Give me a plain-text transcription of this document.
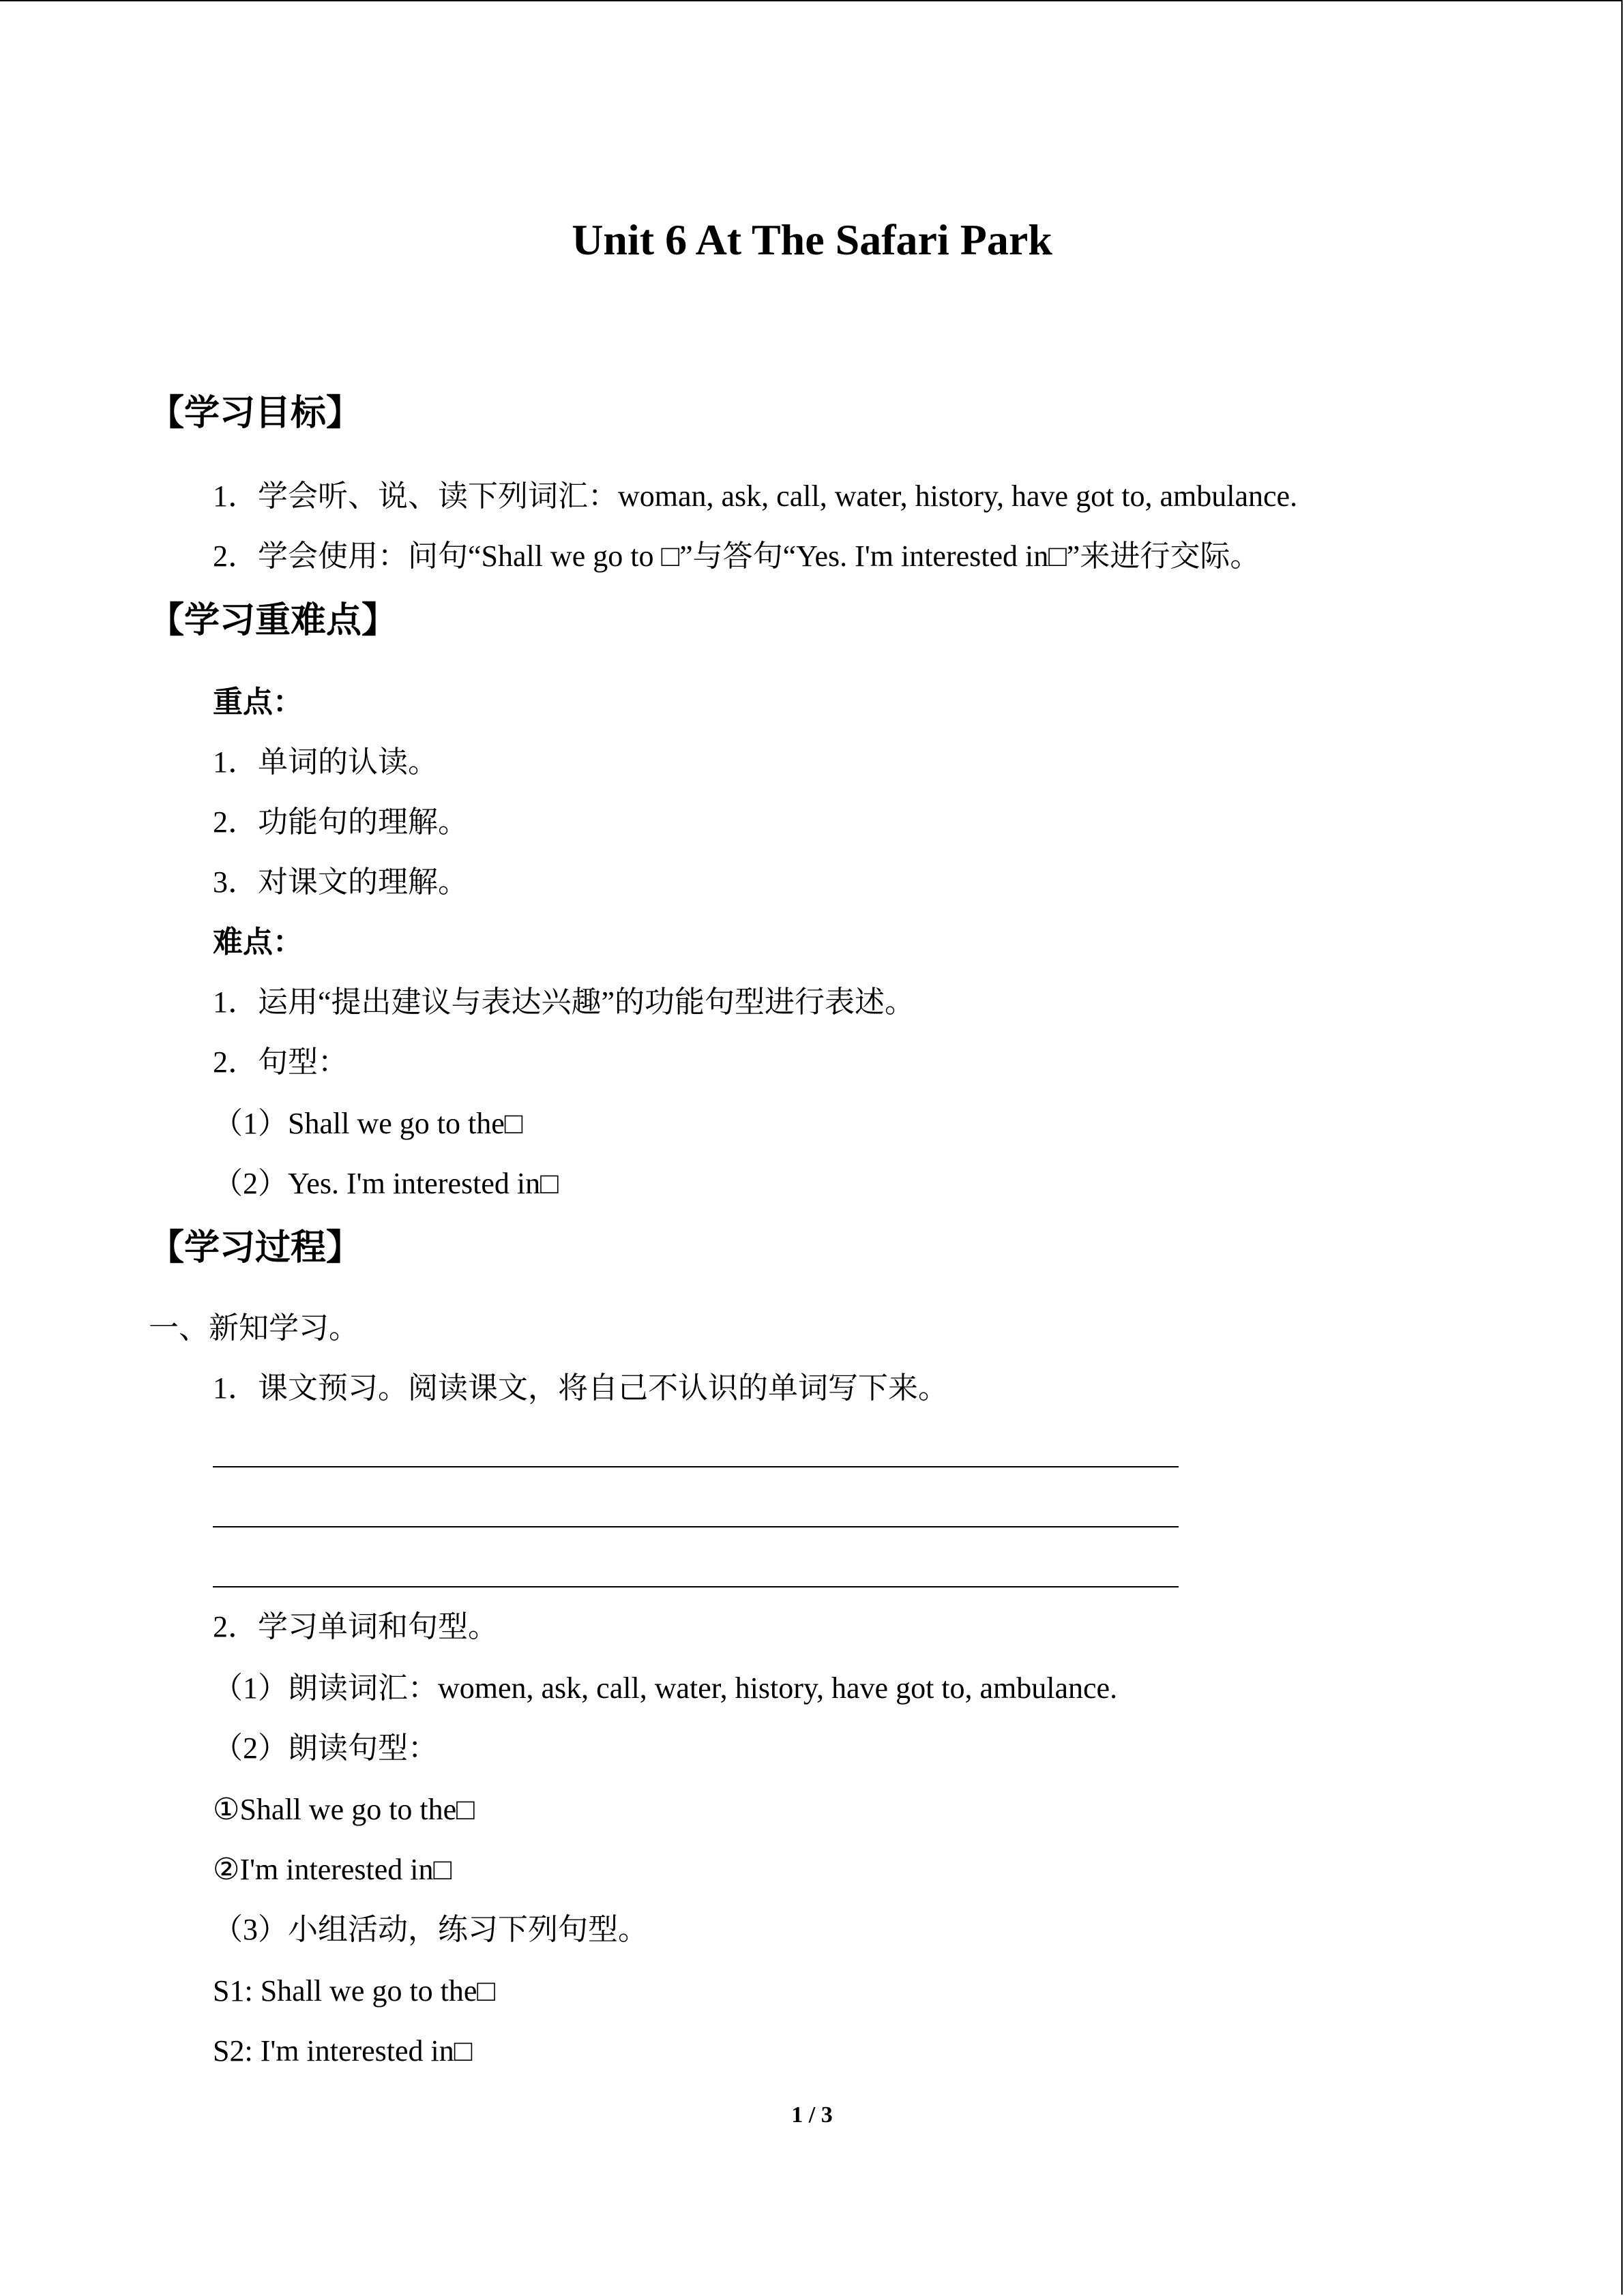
Unit 6 At The Safari Park
【学习目标】
1．学会听、说、读下列词汇：woman, ask, call, water, history, have got to, ambulance.
2．学会使用：问句“Shall we go to □”与答句“Yes. I'm interested in□”来进行交际。
【学习重难点】
重点：
1．单词的认读。
2．功能句的理解。
3．对课文的理解。
难点：
1．运用“提出建议与表达兴趣”的功能句型进行表述。
2．句型：
（1）Shall we go to the□
（2）Yes. I'm interested in□
【学习过程】
一、新知学习。
1．课文预习。阅读课文，将自己不认识的单词写下来。
2．学习单词和句型。
（1）朗读词汇：women, ask, call, water, history, have got to, ambulance.
（2）朗读句型：
①Shall we go to the□
②I'm interested in□
（3）小组活动，练习下列句型。
S1: Shall we go to the□
S2: I'm interested in□
1 / 3
